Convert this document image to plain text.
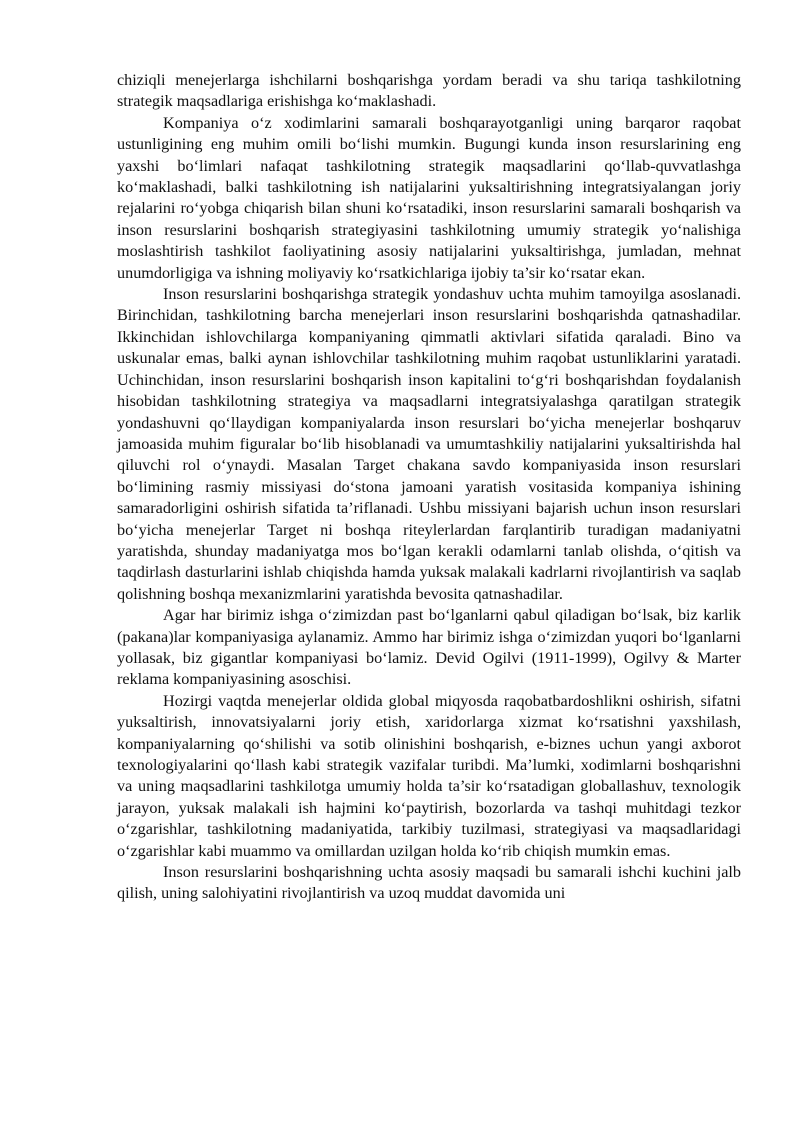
chiziqli menejerlarga ishchilarni boshqarishga yordam beradi va shu tariqa tashkilotning strategik maqsadlariga erishishga ko‘maklashadi.

Kompaniya o‘z xodimlarini samarali boshqarayotganligi uning barqaror raqobat ustunligining eng muhim omili bo‘lishi mumkin. Bugungi kunda inson resurslarining eng yaxshi bo‘limlari nafaqat tashkilotning strategik maqsadlarini qo‘llab-quvvatlashga ko‘maklashadi, balki tashkilotning ish natijalarini yuksaltirishning integratsiyalangan joriy rejalarini ro‘yobga chiqarish bilan shuni ko‘rsatadiki, inson resurslarini samarali boshqarish va inson resurslarini boshqarish strategiyasini tashkilotning umumiy strategik yo‘nalishiga moslashtirish tashkilot faoliyatining asosiy natijalarini yuksaltirishga, jumladan, mehnat unumdorligiga va ishning moliyaviy ko‘rsatkichlariga ijobiy ta’sir ko‘rsatar ekan.

Inson resurslarini boshqarishga strategik yondashuv uchta muhim tamoyilga asoslanadi. Birinchidan, tashkilotning barcha menejerlari inson resurslarini boshqarishda qatnashadilar. Ikkinchidan ishlovchilarga kompaniyaning qimmatli aktivlari sifatida qaraladi. Bino va uskunalar emas, balki aynan ishlovchilar tashkilotning muhim raqobat ustunliklarini yaratadi. Uchinchidan, inson resurslarini boshqarish inson kapitalini to‘g‘ri boshqarishdan foydalanish hisobidan tashkilotning strategiya va maqsadlarni integratsiyalashga qaratilgan strategik yondashuvni qo‘llaydigan kompaniyalarda inson resurslari bo‘yicha menejerlar boshqaruv jamoasida muhim figuralar bo‘lib hisoblanadi va umumtashkiliy natijalarini yuksaltirishda hal qiluvchi rol o‘ynaydi. Masalan Target chakana savdo kompaniyasida inson resurslari bo‘limining rasmiy missiyasi do‘stona jamoani yaratish vositasida kompaniya ishining samaradorligini oshirish sifatida ta’riflanadi. Ushbu missiyani bajarish uchun inson resurslari bo‘yicha menejerlar Target ni boshqa riteylerlardan farqlantirib turadigan madaniyatni yaratishda, shunday madaniyatga mos bo‘lgan kerakli odamlarni tanlab olishda, o‘qitish va taqdirlash dasturlarini ishlab chiqishda hamda yuksak malakali kadrlarni rivojlantirish va saqlab qolishning boshqa mexanizmlarini yaratishda bevosita qatnashadilar.

Agar har birimiz ishga o‘zimizdan past bo‘lganlarni qabul qiladigan bo‘lsak, biz karlik (pakana)lar kompaniyasiga aylanamiz. Ammo har birimiz ishga o‘zimizdan yuqori bo‘lganlarni yollasak, biz gigantlar kompaniyasi bo‘lamiz. Devid Ogilvi (1911-1999), Ogilvy & Marter reklama kompaniyasining asoschisi.

Hozirgi vaqtda menejerlar oldida global miqyosda raqobatbardoshlikni oshirish, sifatni yuksaltirish, innovatsiyalarni joriy etish, xaridorlarga xizmat ko‘rsatishni yaxshilash, kompaniyalarning qo‘shilishi va sotib olinishini boshqarish, e-biznes uchun yangi axborot texnologiyalarini qo‘llash kabi strategik vazifalar turibdi. Ma’lumki, xodimlarni boshqarishni va uning maqsadlarini tashkilotga umumiy holda ta’sir ko‘rsatadigan globallashuv, texnologik jarayon, yuksak malakali ish hajmini ko‘paytirish, bozorlarda va tashqi muhitdagi tezkor o‘zgarishlar, tashkilotning madaniyatida, tarkibiy tuzilmasi, strategiyasi va maqsadlaridagi o‘zgarishlar kabi muammo va omillardan uzilgan holda ko‘rib chiqish mumkin emas.

Inson resurslarini boshqarishning uchta asosiy maqsadi bu samarali ishchi kuchini jalb qilish, uning salohiyatini rivojlantirish va uzoq muddat davomida uni
